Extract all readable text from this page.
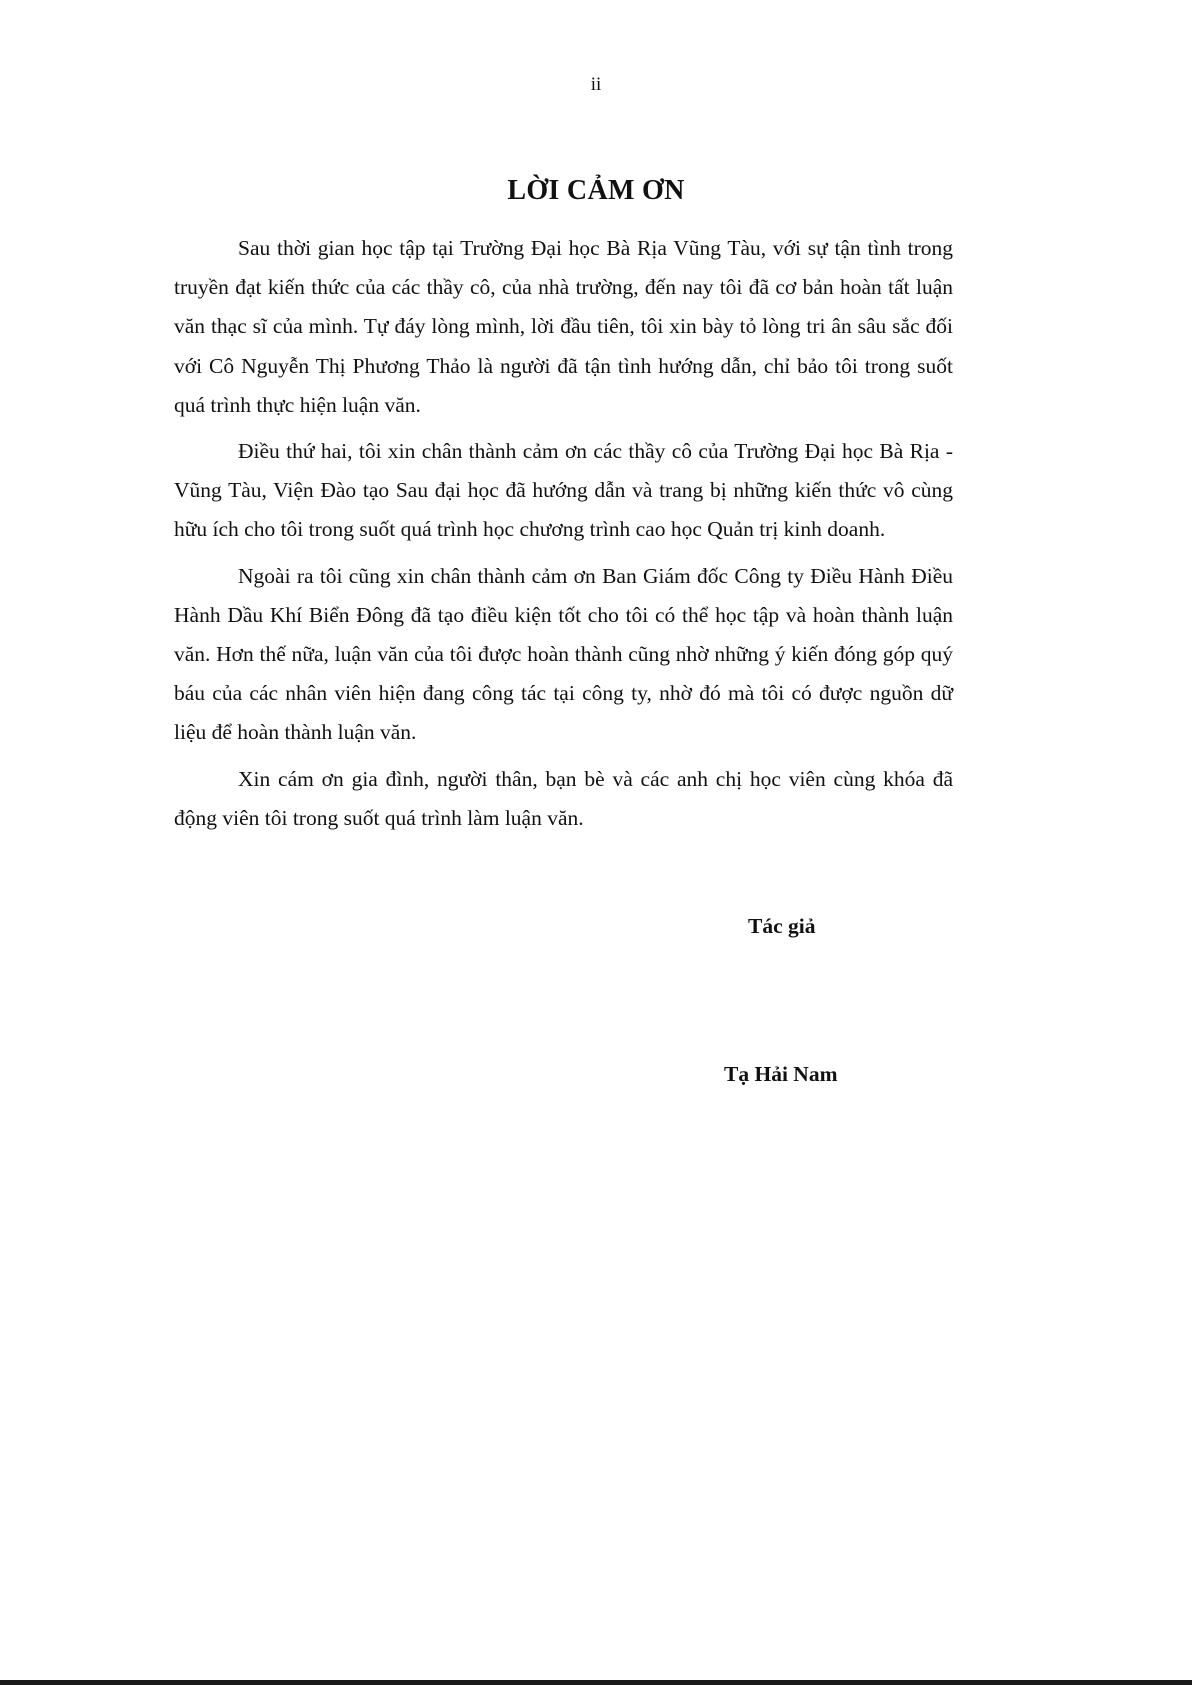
ii
LỜI CẢM ƠN

Sau thời gian học tập tại Trường Đại học Bà Rịa Vũng Tàu, với sự tận tình trong truyền đạt kiến thức của các thầy cô, của nhà trường, đến nay tôi đã cơ bản hoàn tất luận văn thạc sĩ của mình. Tự đáy lòng mình, lời đầu tiên, tôi xin bày tỏ lòng tri ân sâu sắc đối với Cô Nguyễn Thị Phương Thảo là người đã tận tình hướng dẫn, chỉ bảo tôi trong suốt quá trình thực hiện luận văn.

Điều thứ hai, tôi xin chân thành cảm ơn các thầy cô của Trường Đại học Bà Rịa - Vũng Tàu, Viện Đào tạo Sau đại học đã hướng dẫn và trang bị những kiến thức vô cùng hữu ích cho tôi trong suốt quá trình học chương trình cao học Quản trị kinh doanh.

Ngoài ra tôi cũng xin chân thành cảm ơn Ban Giám đốc Công ty Điều Hành Điều Hành Dầu Khí Biển Đông đã tạo điều kiện tốt cho tôi có thể học tập và hoàn thành luận văn. Hơn thế nữa, luận văn của tôi được hoàn thành cũng nhờ những ý kiến đóng góp quý báu của các nhân viên hiện đang công tác tại công ty, nhờ đó mà tôi có được nguồn dữ liệu để hoàn thành luận văn.

Xin cám ơn gia đình, người thân, bạn bè và các anh chị học viên cùng khóa đã động viên tôi trong suốt quá trình làm luận văn.

Tác giả
Tạ Hải Nam
